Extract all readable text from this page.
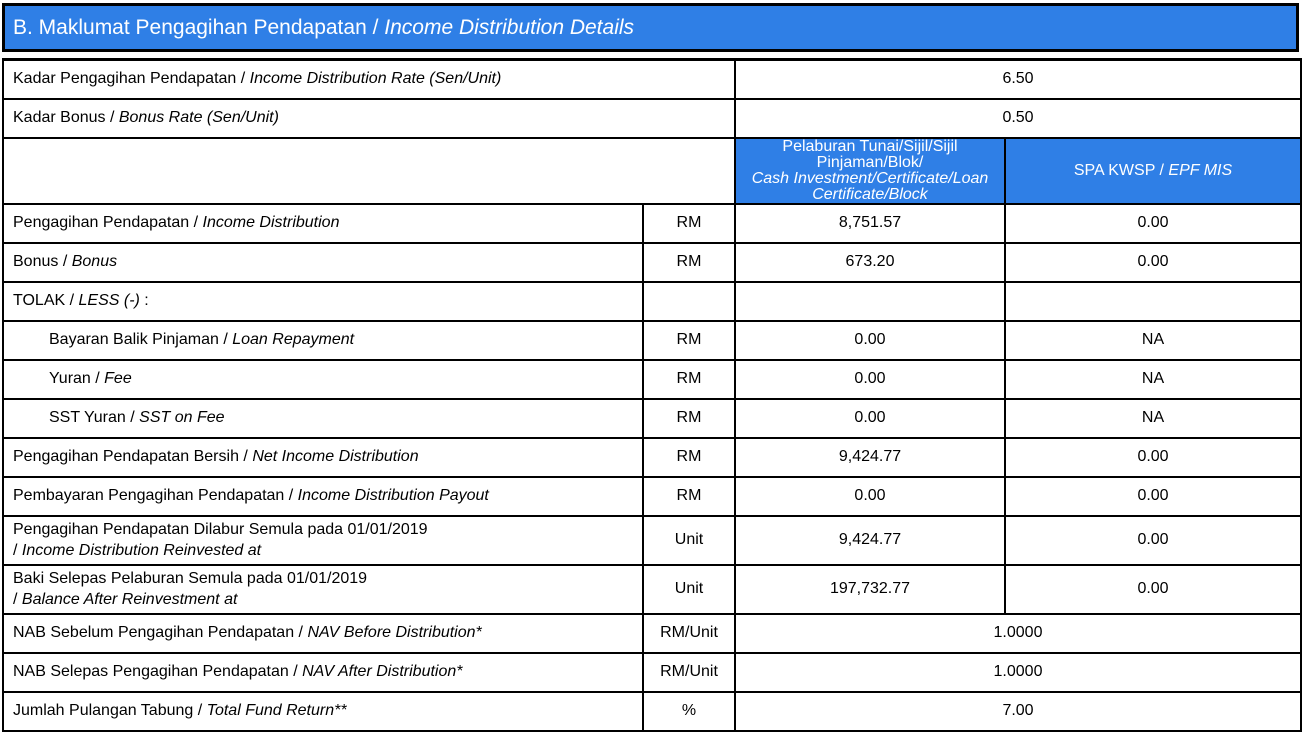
B. Maklumat Pengagihan Pendapatan / Income Distribution Details
Kadar Pengagihan Pendapatan / Income Distribution Rate (Sen/Unit)		6.50	
Kadar Bonus / Bonus Rate (Sen/Unit)		0.50	
		Pelaburan Tunai/Sijil/Sijil Pinjaman/Blok/
Cash Investment/Certificate/Loan Certificate/Block	SPA KWSP / EPF MIS
Pengagihan Pendapatan / Income Distribution	RM	8,751.57	0.00
Bonus / Bonus	RM	673.20	0.00
TOLAK / LESS (-) :			
Bayaran Balik Pinjaman / Loan Repayment	RM	0.00	NA
Yuran / Fee	RM	0.00	NA
SST Yuran / SST on Fee	RM	0.00	NA
Pengagihan Pendapatan Bersih / Net Income Distribution	RM	9,424.77	0.00
Pembayaran Pengagihan Pendapatan / Income Distribution Payout	RM	0.00	0.00
Pengagihan Pendapatan Dilabur Semula pada 01/01/2019
/ Income Distribution Reinvested at	Unit	9,424.77	0.00
Baki Selepas Pelaburan Semula pada 01/01/2019
/ Balance After Reinvestment at	Unit	197,732.77	0.00
NAB Sebelum Pengagihan Pendapatan / NAV Before Distribution*	RM/Unit	1.0000	
NAB Selepas Pengagihan Pendapatan / NAV After Distribution*	RM/Unit	1.0000	
Jumlah Pulangan Tabung / Total Fund Return**	%	7.00	
